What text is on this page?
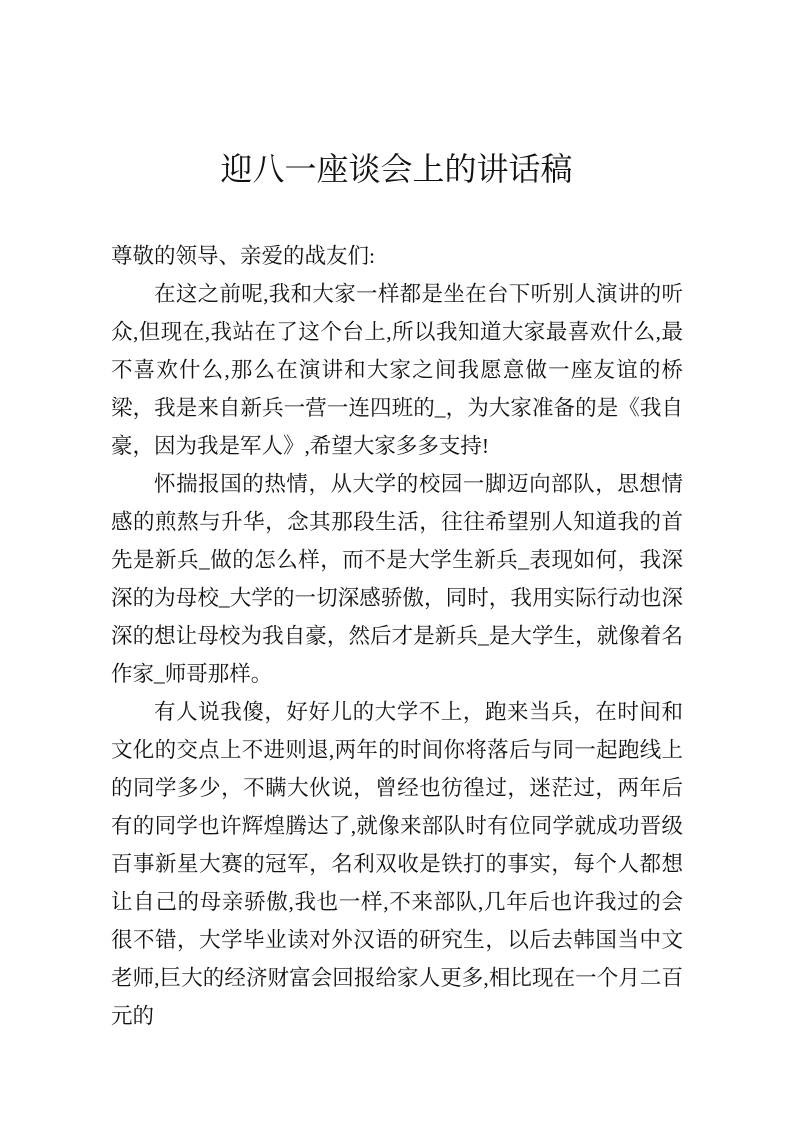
迎八一座谈会上的讲话稿

尊敬的领导、亲爱的战友们:

在这之前呢,我和大家一样都是坐在台下听别人演讲的听众,但现在,我站在了这个台上,所以我知道大家最喜欢什么,最不喜欢什么,那么在演讲和大家之间我愿意做一座友谊的桥梁，我是来自新兵一营一连四班的_，为大家准备的是《我自豪，因为我是军人》,希望大家多多支持!

怀揣报国的热情，从大学的校园一脚迈向部队，思想情感的煎熬与升华，念其那段生活，往往希望别人知道我的首先是新兵_做的怎么样，而不是大学生新兵_表现如何，我深深的为母校_大学的一切深感骄傲，同时，我用实际行动也深深的想让母校为我自豪，然后才是新兵_是大学生，就像着名作家_师哥那样。

有人说我傻，好好儿的大学不上，跑来当兵，在时间和文化的交点上不进则退,两年的时间你将落后与同一起跑线上的同学多少，不瞒大伙说，曾经也彷徨过，迷茫过，两年后有的同学也许辉煌腾达了,就像来部队时有位同学就成功晋级百事新星大赛的冠军，名利双收是铁打的事实，每个人都想让自己的母亲骄傲,我也一样,不来部队,几年后也许我过的会很不错，大学毕业读对外汉语的研究生，以后去韩国当中文老师,巨大的经济财富会回报给家人更多,相比现在一个月二百元的
